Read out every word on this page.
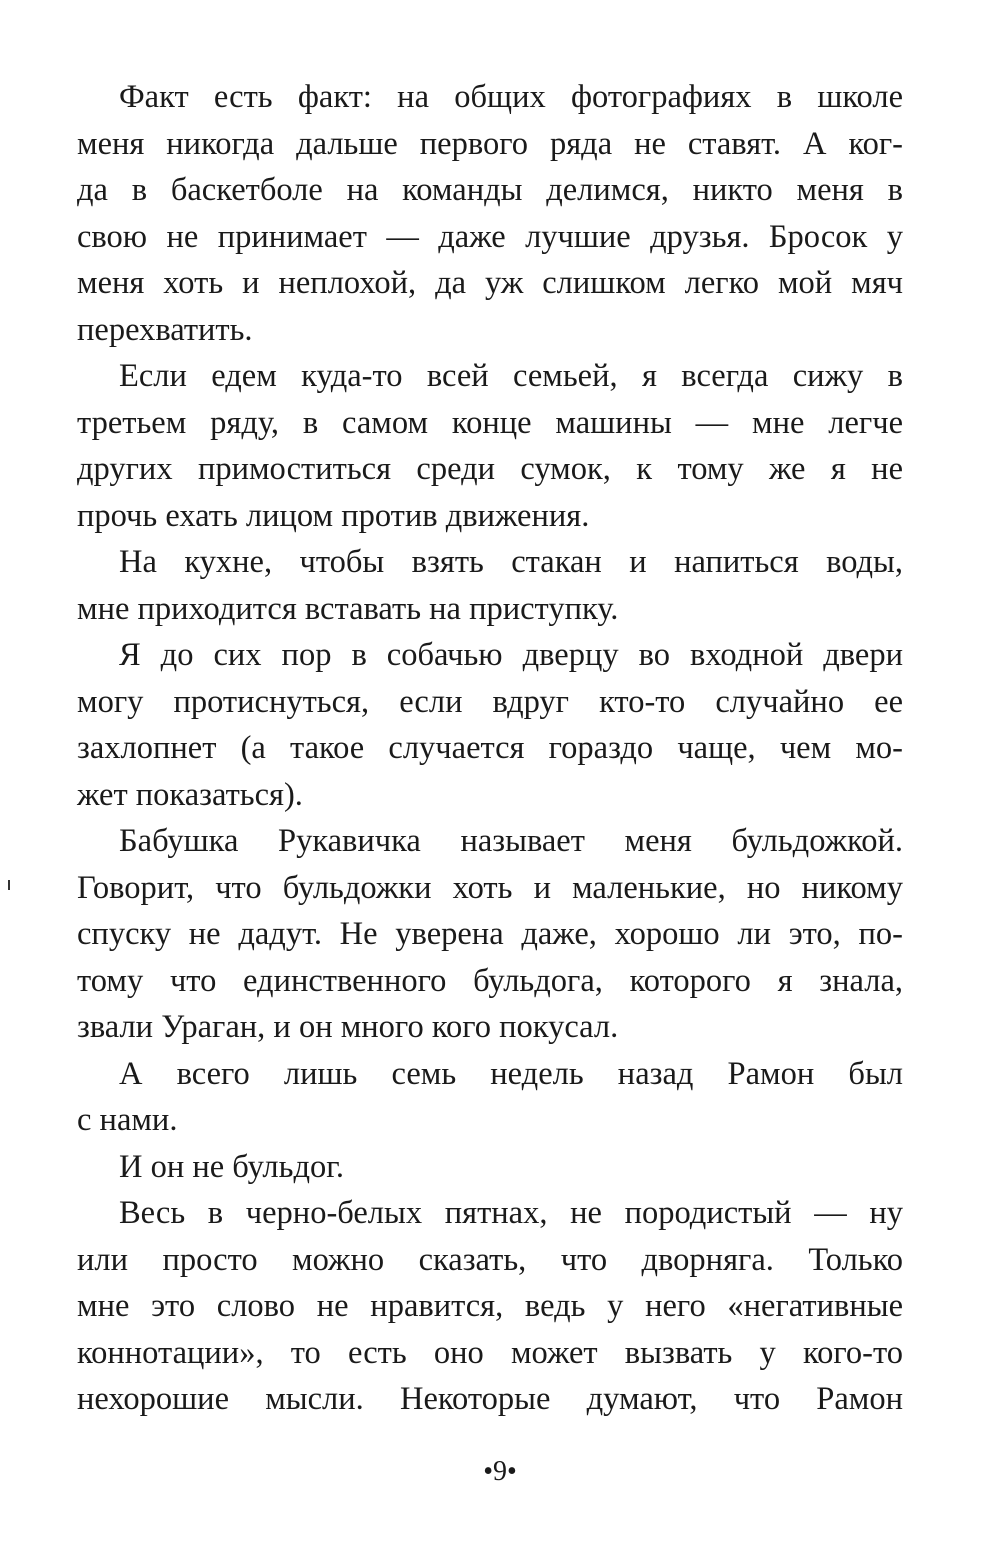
Факт есть факт: на общих фотографиях в школе
меня никогда дальше первого ряда не ставят. А ког-
да в баскетболе на команды делимся, никто меня в
свою не принимает — даже лучшие друзья. Бросок у
меня хоть и неплохой, да уж слишком легко мой мяч
перехватить.
Если едем куда-то всей семьей, я всегда сижу в
третьем ряду, в самом конце машины — мне легче
других примоститься среди сумок, к тому же я не
прочь ехать лицом против движения.
На кухне, чтобы взять стакан и напиться воды,
мне приходится вставать на приступку.
Я до сих пор в собачью дверцу во входной двери
могу протиснуться, если вдруг кто-то случайно ее
захлопнет (а такое случается гораздо чаще, чем мо-
жет показаться).
Бабушка Рукавичка называет меня бульдожкой.
Говорит, что бульдожки хоть и маленькие, но никому
спуску не дадут. Не уверена даже, хорошо ли это, по-
тому что единственного бульдога, которого я знала,
звали Ураган, и он много кого покусал.
А всего лишь семь недель назад Рамон был
с нами.
И он не бульдог.
Весь в черно-белых пятнах, не породистый — ну
или просто можно сказать, что дворняга. Только
мне это слово не нравится, ведь у него «негативные
коннотации», то есть оно может вызвать у кого-то
нехорошие мысли. Некоторые думают, что Рамон
•9•
